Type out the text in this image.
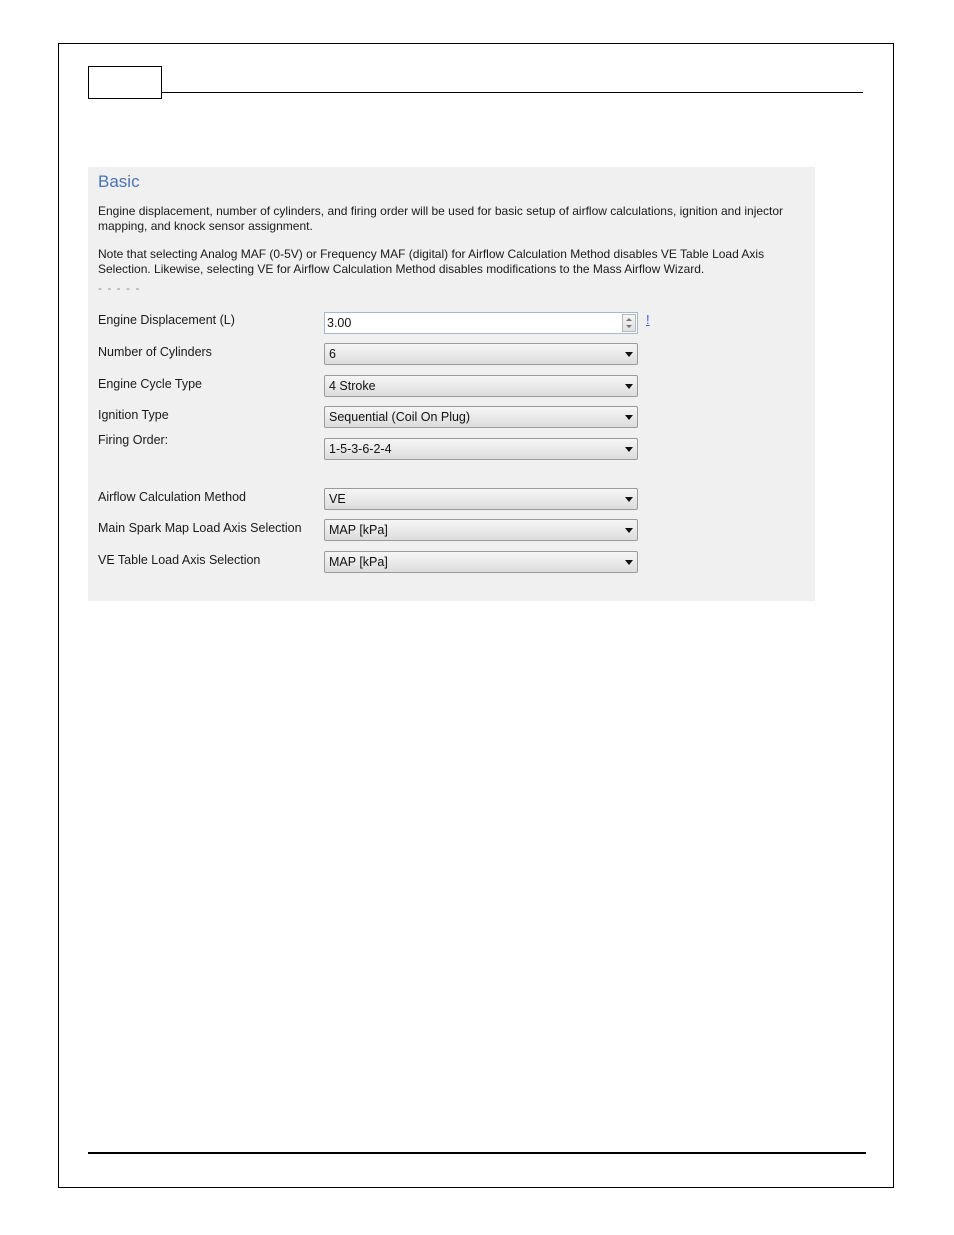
Basic

Engine displacement, number of cylinders, and firing order will be used for basic setup of airflow calculations, ignition and injector mapping, and knock sensor assignment.

Note that selecting Analog MAF (0-5V) or Frequency MAF (digital) for Airflow Calculation Method disables VE Table Load Axis Selection. Likewise, selecting VE for Airflow Calculation Method disables modifications to the Mass Airflow Wizard.

- - - - -
Engine Displacement (L)	3.00	!
Number of Cylinders	6
Engine Cycle Type	4 Stroke
Ignition Type	Sequential (Coil On Plug)
Firing Order:
1-5-3-6-2-4
Airflow Calculation Method	VE
Main Spark Map Load Axis Selection MAP [kPa]
VE Table Load Axis Selection	MAP [kPa]
